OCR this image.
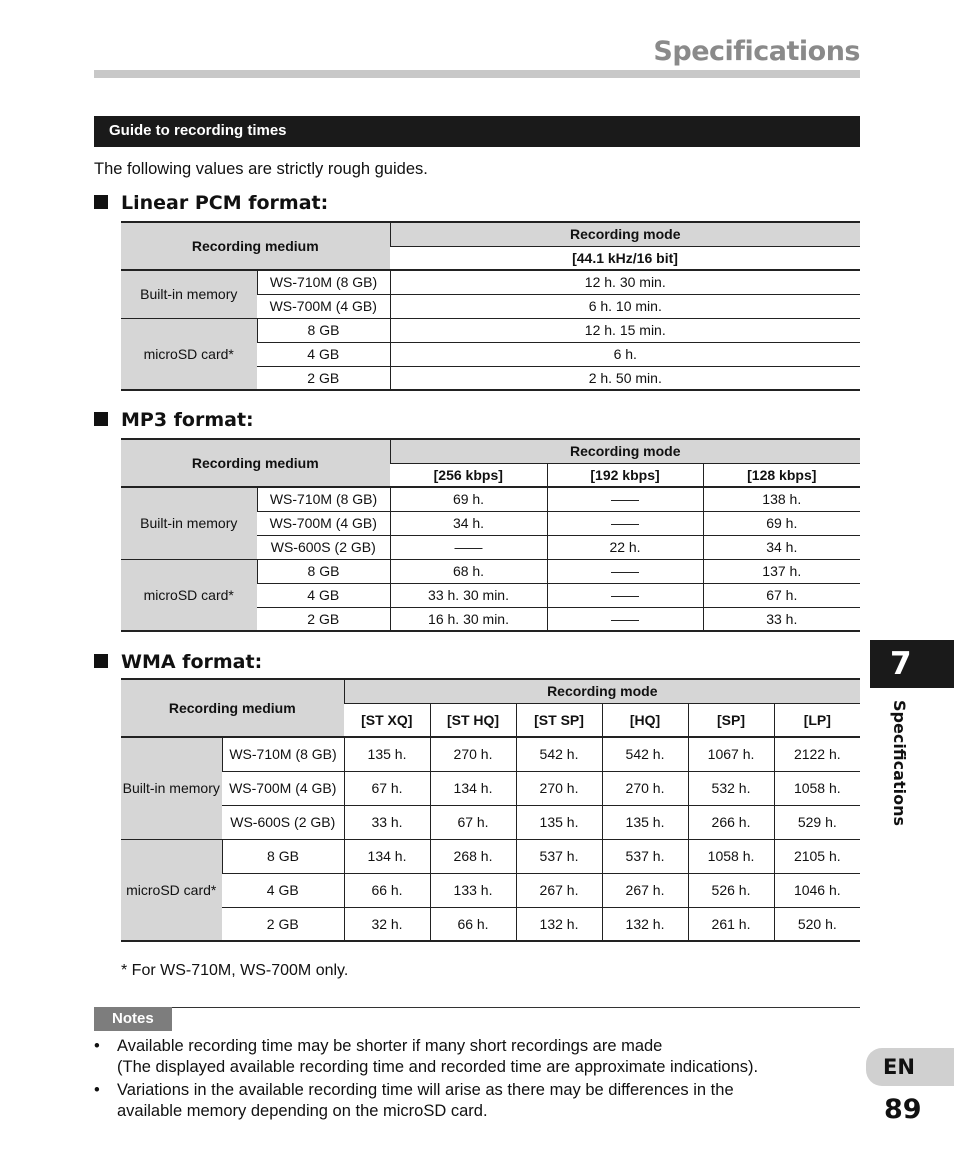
Specifications
Guide to recording times
The following values are strictly rough guides.
Linear PCM format:
Recording medium		Recording mode
		[44.1 kHz/16 bit]
Built-in memory	WS-710M (8 GB)	12 h. 30 min.
	WS-700M (4 GB)	6 h. 10 min.
microSD card*	8 GB	12 h. 15 min.
	4 GB	6 h.
	2 GB	2 h. 50 min.
MP3 format:
Recording medium		Recording mode		
		[256 kbps]	[192 kbps]	[128 kbps]
Built-in memory	WS-710M (8 GB)	69 h.	——	138 h.
	WS-700M (4 GB)	34 h.	——	69 h.
	WS-600S (2 GB)	——	22 h.	34 h.
microSD card*	8 GB	68 h.	——	137 h.
	4 GB	33 h. 30 min.	——	67 h.
	2 GB	16 h. 30 min.	——	33 h.
WMA format:
Recording medium		Recording mode					
		[ST XQ]	[ST HQ]	[ST SP]	[HQ]	[SP]	[LP]
Built-in memory	WS-710M (8 GB)	135 h.	270 h.	542 h.	542 h.	1067 h.	2122 h.
	WS-700M (4 GB)	67 h.	134 h.	270 h.	270 h.	532 h.	1058 h.
	WS-600S (2 GB)	33 h.	67 h.	135 h.	135 h.	266 h.	529 h.
microSD card*	8 GB	134 h.	268 h.	537 h.	537 h.	1058 h.	2105 h.
	4 GB	66 h.	133 h.	267 h.	267 h.	526 h.	1046 h.
	2 GB	32 h.	66 h.	132 h.	132 h.	261 h.	520 h.
* For WS-710M, WS-700M only.
Notes
• Available recording time may be shorter if many short recordings are made
(The displayed available recording time and recorded time are approximate indications).
• Variations in the available recording time will arise as there may be differences in the
available memory depending on the microSD card.
7
Specifications
EN
89
